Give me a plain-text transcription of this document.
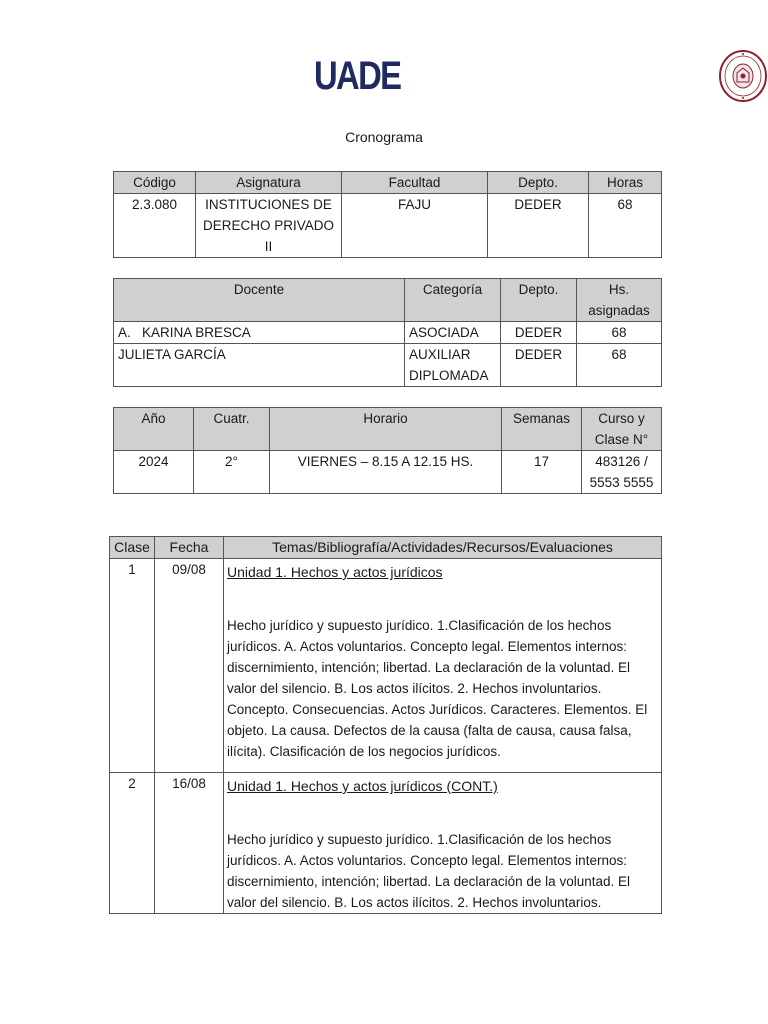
UADE
Cronograma
Código	Asignatura	Facultad	Depto.	Horas
2.3.080	INSTITUCIONES DE DERECHO PRIVADO II	FAJU	DEDER	68
Docente	Categoría	Depto.	Hs. asignadas
A.   KARINA BRESCA	ASOCIADA	DEDER	68
JULIETA GARCÍA	AUXILIAR DIPLOMADA	DEDER	68
Año	Cuatr.	Horario	Semanas	Curso y Clase N°
2024	2°	VIERNES – 8.15 A 12.15 HS.	17	483126 / 5553 5555
Clase	Fecha	Temas/Bibliografía/Actividades/Recursos/Evaluaciones
1	09/08	Unidad 1. Hechos y actos jurídicos
Hecho jurídico y supuesto jurídico. 1.Clasificación de los hechos jurídicos. A. Actos voluntarios. Concepto legal. Elementos internos: discernimiento, intención; libertad. La declaración de la voluntad. El valor del silencio. B. Los actos ilícitos. 2. Hechos involuntarios. Concepto. Consecuencias. Actos Jurídicos. Caracteres. Elementos. El objeto. La causa. Defectos de la causa (falta de causa, causa falsa, ilícita). Clasificación de los negocios jurídicos.

2	16/08	Unidad 1. Hechos y actos jurídicos (CONT.)
Hecho jurídico y supuesto jurídico. 1.Clasificación de los hechos jurídicos. A. Actos voluntarios. Concepto legal. Elementos internos: discernimiento, intención; libertad. La declaración de la voluntad. El valor del silencio. B. Los actos ilícitos. 2. Hechos involuntarios.
